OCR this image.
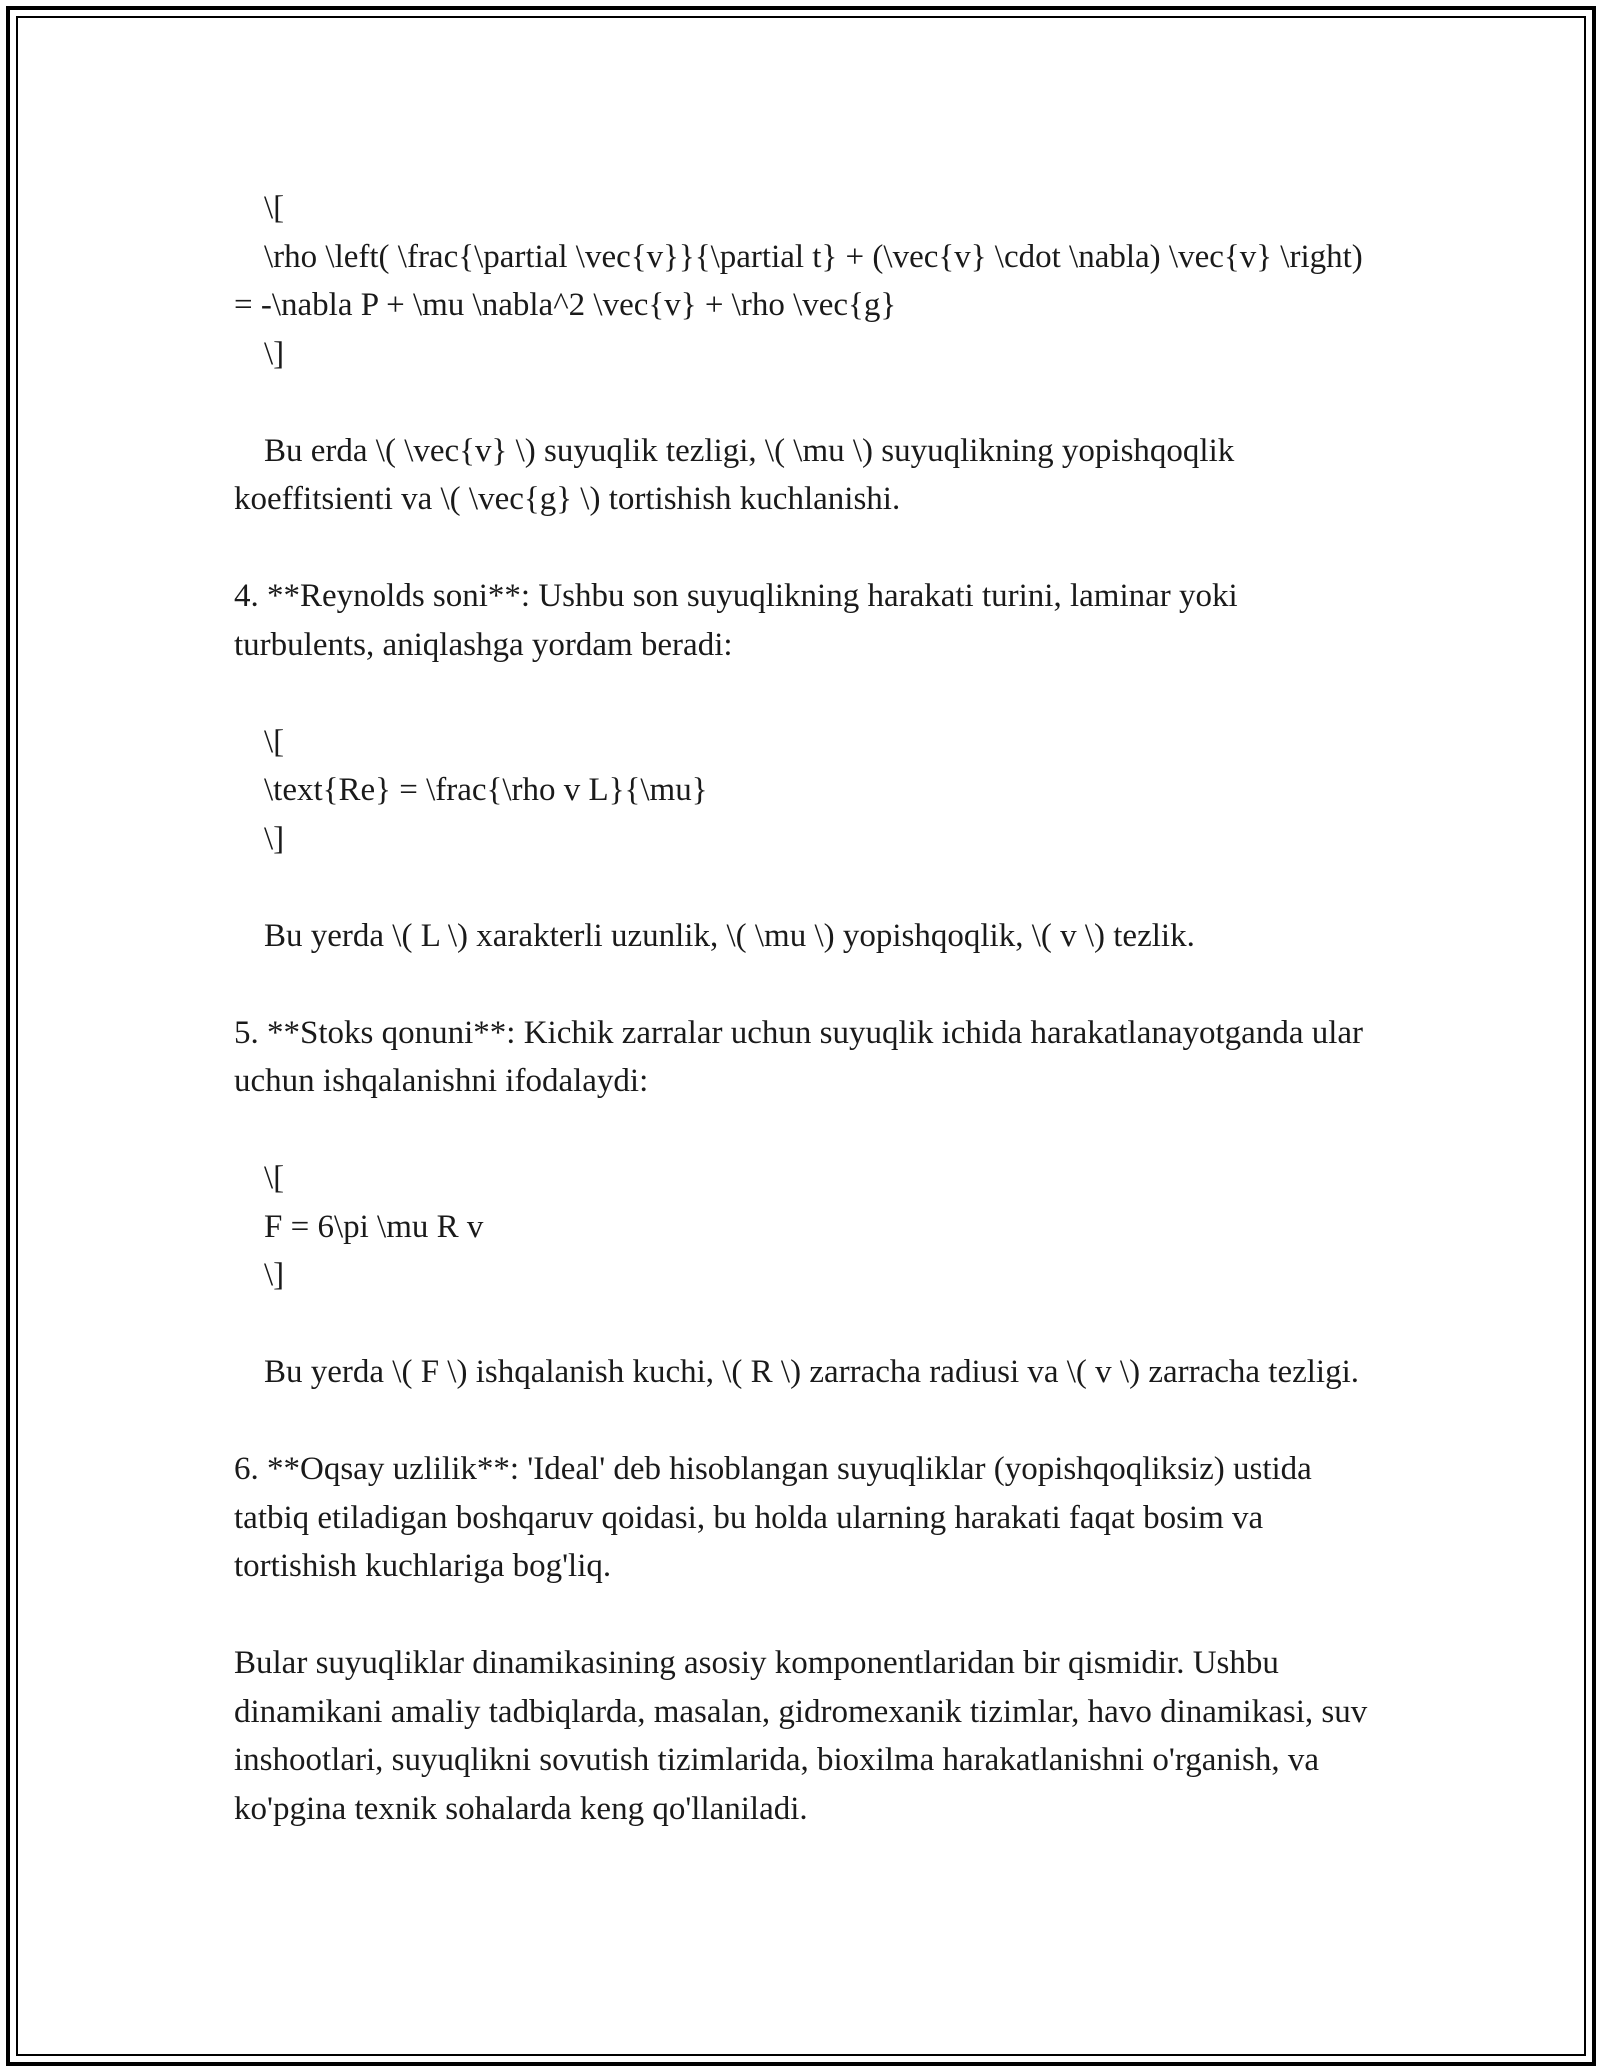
\[

\rho \left( \frac{\partial \vec{v}}{\partial t} + (\vec{v} \cdot \nabla) \vec{v} \right) = -\nabla P + \mu \nabla^2 \vec{v} + \rho \vec{g}

\]

Bu erda \( \vec{v} \) suyuqlik tezligi, \( \mu \) suyuqlikning yopishqoqlik koeffitsienti va \( \vec{g} \) tortishish kuchlanishi.

4. **Reynolds soni**: Ushbu son suyuqlikning harakati turini, laminar yoki turbulents, aniqlashga yordam beradi:

\[

\text{Re} = \frac{\rho v L}{\mu}

\]

Bu yerda \( L \) xarakterli uzunlik, \( \mu \) yopishqoqlik, \( v \) tezlik.

5. **Stoks qonuni**: Kichik zarralar uchun suyuqlik ichida harakatlanayotganda ular uchun ishqalanishni ifodalaydi:

\[

F = 6\pi \mu R v

\]

Bu yerda \( F \) ishqalanish kuchi, \( R \) zarracha radiusi va \( v \) zarracha tezligi.

6. **Oqsay uzlilik**: 'Ideal' deb hisoblangan suyuqliklar (yopishqoqliksiz) ustida tatbiq etiladigan boshqaruv qoidasi, bu holda ularning harakati faqat bosim va tortishish kuchlariga bog'liq.

Bular suyuqliklar dinamikasining asosiy komponentlaridan bir qismidir. Ushbu dinamikani amaliy tadbiqlarda, masalan, gidromexanik tizimlar, havo dinamikasi, suv inshootlari, suyuqlikni sovutish tizimlarida, bioxilma harakatlanishni o'rganish, va ko'pgina texnik sohalarda keng qo'llaniladi.
